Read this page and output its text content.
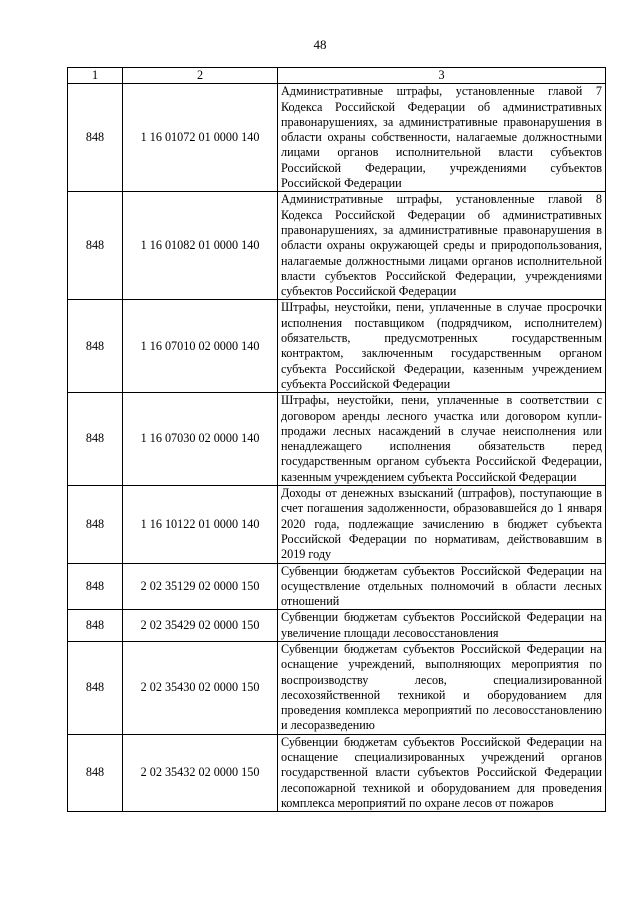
48
1	2	3
848	1 16 01072 01 0000 140	Административные штрафы, установленные главой 7 Кодекса Российской Федерации об административных правонарушениях, за административные правонарушения в области охраны собственности, налагаемые должностными лицами органов исполнительной власти субъектов Российской Федерации, учреждениями субъектов Российской Федерации
848	1 16 01082 01 0000 140	Административные штрафы, установленные главой 8 Кодекса Российской Федерации об административных правонарушениях, за административные правонарушения в области охраны окружающей среды и природопользования, налагаемые должностными лицами органов исполнительной власти субъектов Российской Федерации, учреждениями субъектов Российской Федерации
848	1 16 07010 02 0000 140	Штрафы, неустойки, пени, уплаченные в случае просрочки исполнения поставщиком (подрядчиком, исполнителем) обязательств, предусмотренных государственным контрактом, заключенным государственным органом субъекта Российской Федерации, казенным учреждением субъекта Российской Федерации
848	1 16 07030 02 0000 140	Штрафы, неустойки, пени, уплаченные в соответствии с договором аренды лесного участка или договором купли-продажи лесных насаждений в случае неисполнения или ненадлежащего исполнения обязательств перед государственным органом субъекта Российской Федерации, казенным учреждением субъекта Российской Федерации
848	1 16 10122 01 0000 140	Доходы от денежных взысканий (штрафов), поступающие в счет погашения задолженности, образовавшейся до 1 января 2020 года, подлежащие зачислению в бюджет субъекта Российской Федерации по нормативам, действовавшим в 2019 году
848	2 02 35129 02 0000 150	Субвенции бюджетам субъектов Российской Федерации на осуществление отдельных полномочий в области лесных отношений
848	2 02 35429 02 0000 150	Субвенции бюджетам субъектов Российской Федерации на увеличение площади лесовосстановления
848	2 02 35430 02 0000 150	Субвенции бюджетам субъектов Российской Федерации на оснащение учреждений, выполняющих мероприятия по воспроизводству лесов, специализированной лесохозяйственной техникой и оборудованием для проведения комплекса мероприятий по лесовосстановлению и лесоразведению
848	2 02 35432 02 0000 150	Субвенции бюджетам субъектов Российской Федерации на оснащение специализированных учреждений органов государственной власти субъектов Российской Федерации лесопожарной техникой и оборудованием для проведения комплекса мероприятий по охране лесов от пожаров
